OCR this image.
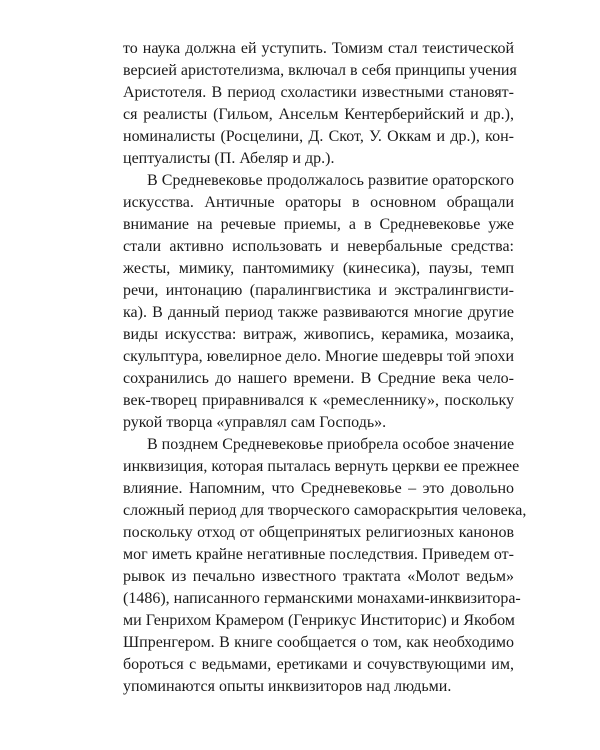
то наука должна ей уступить. Томизм стал теистической
версией аристотелизма, включал в себя принципы учения
Аристотеля. В период схоластики известными становят-
ся реалисты (Гильом, Ансельм Кентерберийский и др.),
номиналисты (Росцелини, Д. Скот, У. Оккам и др.), кон-
цептуалисты (П. Абеляр и др.).
В Средневековье продолжалось развитие ораторского
искусства. Античные ораторы в основном обращали
внимание на речевые приемы, а в Средневековье уже
стали активно использовать и невербальные средства:
жесты, мимику, пантомимику (кинесика), паузы, темп
речи, интонацию (паралингвистика и экстралингвисти-
ка). В данный период также развиваются многие другие
виды искусства: витраж, живопись, керамика, мозаика,
скульптура, ювелирное дело. Многие шедевры той эпохи
сохранились до нашего времени. В Средние века чело-
век-творец приравнивался к «ремесленнику», поскольку
рукой творца «управлял сам Господь».
В позднем Средневековье приобрела особое значение
инквизиция, которая пыталась вернуть церкви ее прежнее
влияние. Напомним, что Средневековье – это довольно
сложный период для творческого самораскрытия человека,
поскольку отход от общепринятых религиозных канонов
мог иметь крайне негативные последствия. Приведем от-
рывок из печально известного трактата «Молот ведьм»
(1486), написанного германскими монахами-инквизитора-
ми Генрихом Крамером (Генрикус Инститорис) и Якобом
Шпренгером. В книге сообщается о том, как необходимо
бороться с ведьмами, еретиками и сочувствующими им,
упоминаются опыты инквизиторов над людьми.
